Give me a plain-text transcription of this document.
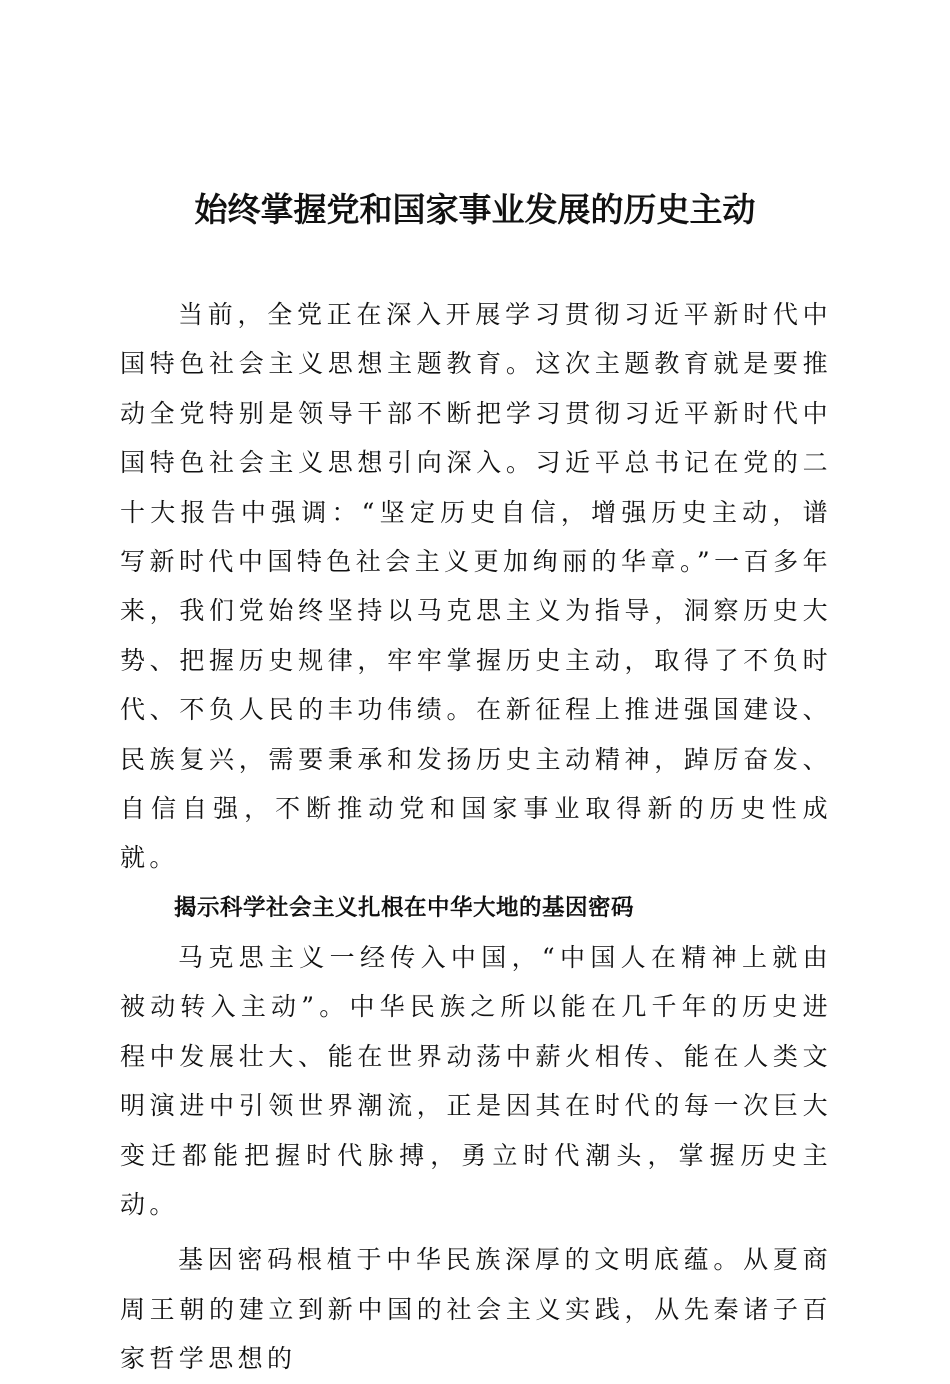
始终掌握党和国家事业发展的历史主动

当前，全党正在深入开展学习贯彻习近平新时代中国特色社会主义思想主题教育。这次主题教育就是要推动全党特别是领导干部不断把学习贯彻习近平新时代中国特色社会主义思想引向深入。习近平总书记在党的二十大报告中强调：“坚定历史自信，增强历史主动，谱写新时代中国特色社会主义更加绚丽的华章。”一百多年来，我们党始终坚持以马克思主义为指导，洞察历史大势、把握历史规律，牢牢掌握历史主动，取得了不负时代、不负人民的丰功伟绩。在新征程上推进强国建设、民族复兴，需要秉承和发扬历史主动精神，踔厉奋发、自信自强，不断推动党和国家事业取得新的历史性成就。

揭示科学社会主义扎根在中华大地的基因密码

马克思主义一经传入中国，“中国人在精神上就由被动转入主动”。中华民族之所以能在几千年的历史进程中发展壮大、能在世界动荡中薪火相传、能在人类文明演进中引领世界潮流，正是因其在时代的每一次巨大变迁都能把握时代脉搏，勇立时代潮头，掌握历史主动。

基因密码根植于中华民族深厚的文明底蕴。从夏商周王朝的建立到新中国的社会主义实践，从先秦诸子百家哲学思想的
